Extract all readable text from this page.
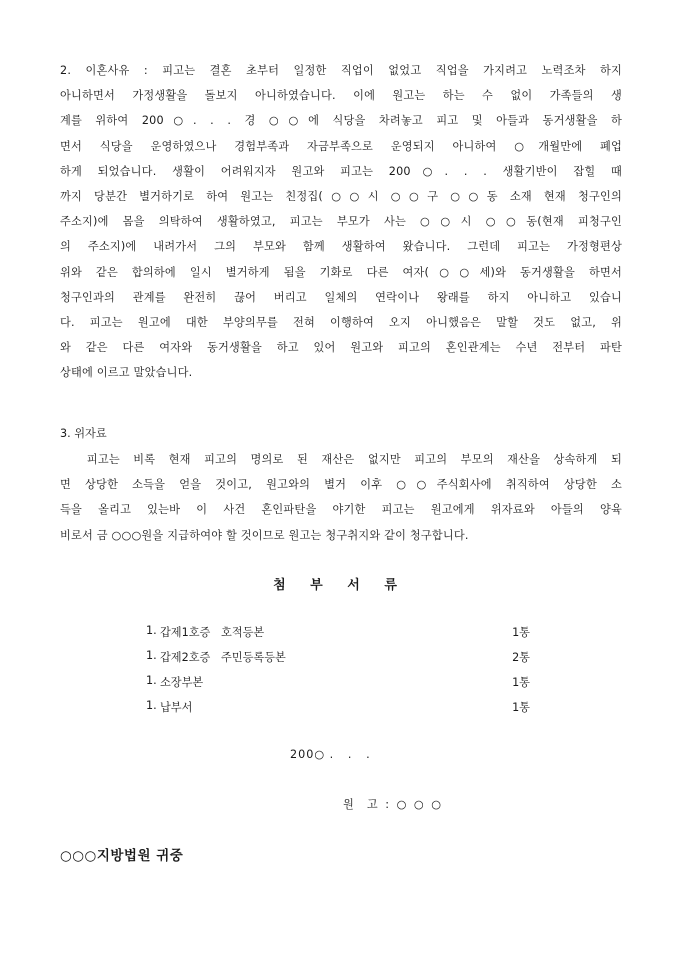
2. 이혼사유 : 피고는 결혼 초부터 일정한 직업이 없었고 직업을 가지려고 노력조차 하지
아니하면서 가정생활을 돌보지 아니하였습니다. 이에 원고는 하는 수 없이 가족들의 생
계를 위하여 200○. . . 경 ○○에 식당을 차려놓고 피고 및 아들과 동거생활을 하
면서 식당을 운영하였으나 경험부족과 자금부족으로 운영되지 아니하여 ○개월만에 폐업
하게 되었습니다. 생활이 어려워지자 원고와 피고는 200○. . . 생활기반이 잡힐 때
까지 당분간 별거하기로 하여 원고는 친정집(○○시 ○○구 ○○동 소재 현재 청구인의
주소지)에 몸을 의탁하여 생활하였고, 피고는 부모가 사는 ○○시 ○○동(현재 피청구인
의 주소지)에 내려가서 그의 부모와 함께 생활하여 왔습니다. 그런데 피고는 가정형편상
위와 같은 합의하에 일시 별거하게 됨을 기화로 다른 여자(○○세)와 동거생활을 하면서
청구인과의 관계를 완전히 끊어 버리고 일체의 연락이나 왕래를 하지 아니하고 있습니
다. 피고는 원고에 대한 부양의무를 전혀 이행하여 오지 아니했음은 말할 것도 없고, 위
와 같은 다른 여자와 동거생활을 하고 있어 원고와 피고의 혼인관계는 수년 전부터 파탄
상태에 이르고 말았습니다.
3. 위자료
피고는 비록 현재 피고의 명의로 된 재산은 없지만 피고의 부모의 재산을 상속하게 되
면 상당한 소득을 얻을 것이고, 원고와의 별거 이후 ○○주식회사에 취직하여 상당한 소
득을 올리고 있는바 이 사건 혼인파탄을 야기한 피고는 원고에게 위자료와 아들의 양육
비로서 금 ○○○원을 지급하여야 할 것이므로 원고는 청구취지와 같이 청구합니다.
첨 부 서 류
1. 갑제1호증   호적등본	1통
1. 갑제2호증   주민등록등본	2통
1. 소장부본	1통
1. 납부서	1통
200○ .   .   .
원  고 : ○ ○ ○
○○○지방법원 귀중
